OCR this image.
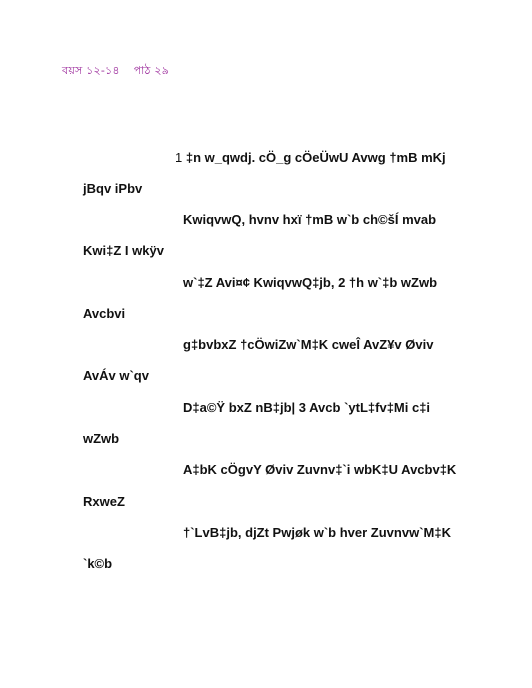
বয়স ১২-১৪ পাঠ ২৯
1 ‡n w_qwdj. cÖ_g cÖeÜwU Avwg †mB mKj
jBqv iPbv
KwiqvwQ, hvnv hxï †mB w`b ch©šÍ mvab
Kwi‡Z I wkÿv
w`‡Z Avi¤¢ KwiqvwQ‡jb, 2 †h w`‡b wZwb
Avcbvi
g‡bvbxZ †cÖwiZw`M‡K cweÎ AvZ¥v Øviv
AvÁv w`qv
D‡a©Ÿ bxZ nB‡jb| 3 Avcb `ytL‡fv‡Mi c‡i
wZwb
A‡bK cÖgvY Øviv Zuvnv‡`i wbK‡U Avcbv‡K
RxweZ
†`LvB‡jb, djZt Pwjøk w`b hver Zuvnvw`M‡K
`k©b
